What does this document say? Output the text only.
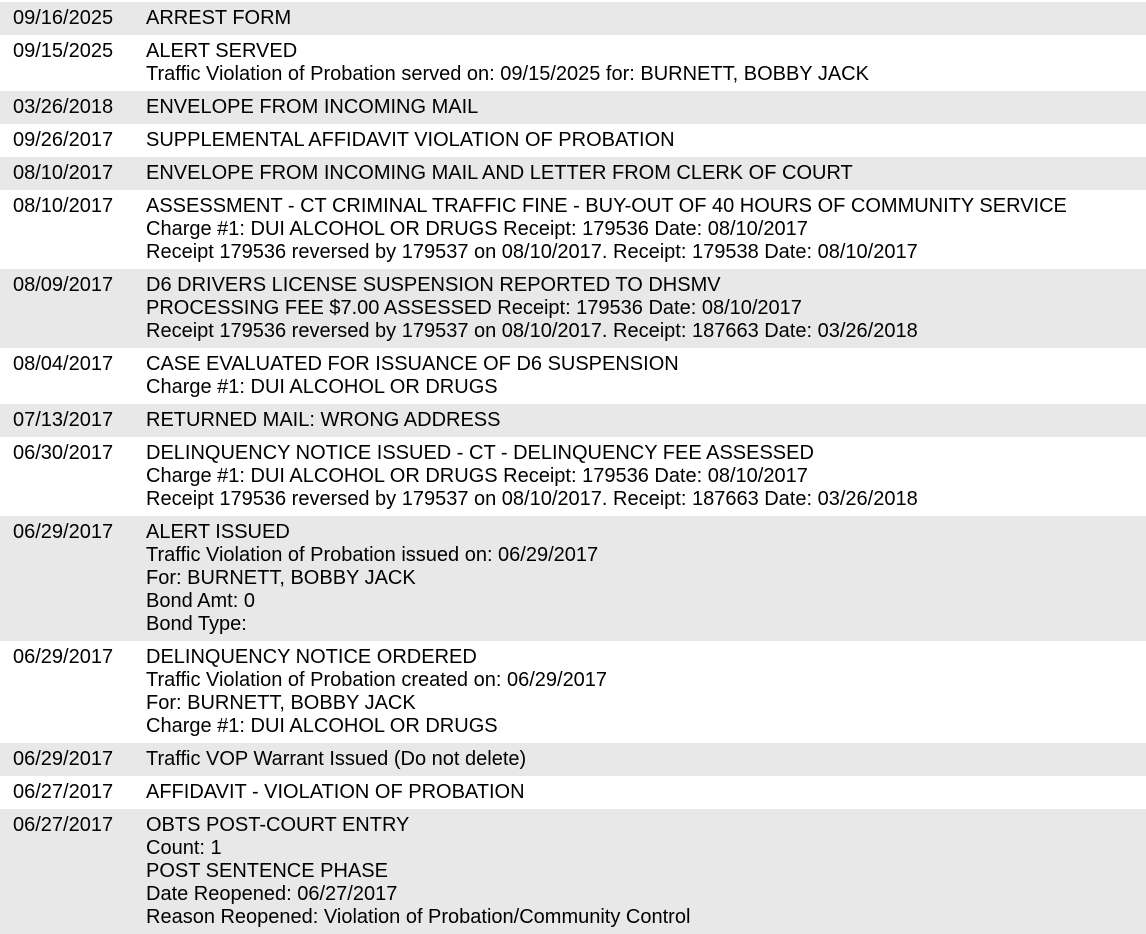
09/16/2025	ARREST FORM
09/15/2025	ALERT SERVED
Traffic Violation of Probation served on: 09/15/2025 for: BURNETT, BOBBY JACK
03/26/2018	ENVELOPE FROM INCOMING MAIL
09/26/2017	SUPPLEMENTAL AFFIDAVIT VIOLATION OF PROBATION
08/10/2017	ENVELOPE FROM INCOMING MAIL AND LETTER FROM CLERK OF COURT
08/10/2017	ASSESSMENT - CT CRIMINAL TRAFFIC FINE - BUY-OUT OF 40 HOURS OF COMMUNITY SERVICE
Charge #1: DUI ALCOHOL OR DRUGS Receipt: 179536 Date: 08/10/2017
Receipt 179536 reversed by 179537 on 08/10/2017. Receipt: 179538 Date: 08/10/2017
08/09/2017	D6 DRIVERS LICENSE SUSPENSION REPORTED TO DHSMV
PROCESSING FEE $7.00 ASSESSED Receipt: 179536 Date: 08/10/2017
Receipt 179536 reversed by 179537 on 08/10/2017. Receipt: 187663 Date: 03/26/2018
08/04/2017	CASE EVALUATED FOR ISSUANCE OF D6 SUSPENSION
Charge #1: DUI ALCOHOL OR DRUGS
07/13/2017	RETURNED MAIL: WRONG ADDRESS
06/30/2017	DELINQUENCY NOTICE ISSUED - CT - DELINQUENCY FEE ASSESSED
Charge #1: DUI ALCOHOL OR DRUGS Receipt: 179536 Date: 08/10/2017
Receipt 179536 reversed by 179537 on 08/10/2017. Receipt: 187663 Date: 03/26/2018
06/29/2017	ALERT ISSUED
Traffic Violation of Probation issued on: 06/29/2017
For: BURNETT, BOBBY JACK
Bond Amt: 0
Bond Type:
06/29/2017	DELINQUENCY NOTICE ORDERED
Traffic Violation of Probation created on: 06/29/2017
For: BURNETT, BOBBY JACK
Charge #1: DUI ALCOHOL OR DRUGS
06/29/2017	Traffic VOP Warrant Issued (Do not delete)
06/27/2017	AFFIDAVIT - VIOLATION OF PROBATION
06/27/2017	OBTS POST-COURT ENTRY
Count: 1
POST SENTENCE PHASE
Date Reopened: 06/27/2017
Reason Reopened: Violation of Probation/Community Control
